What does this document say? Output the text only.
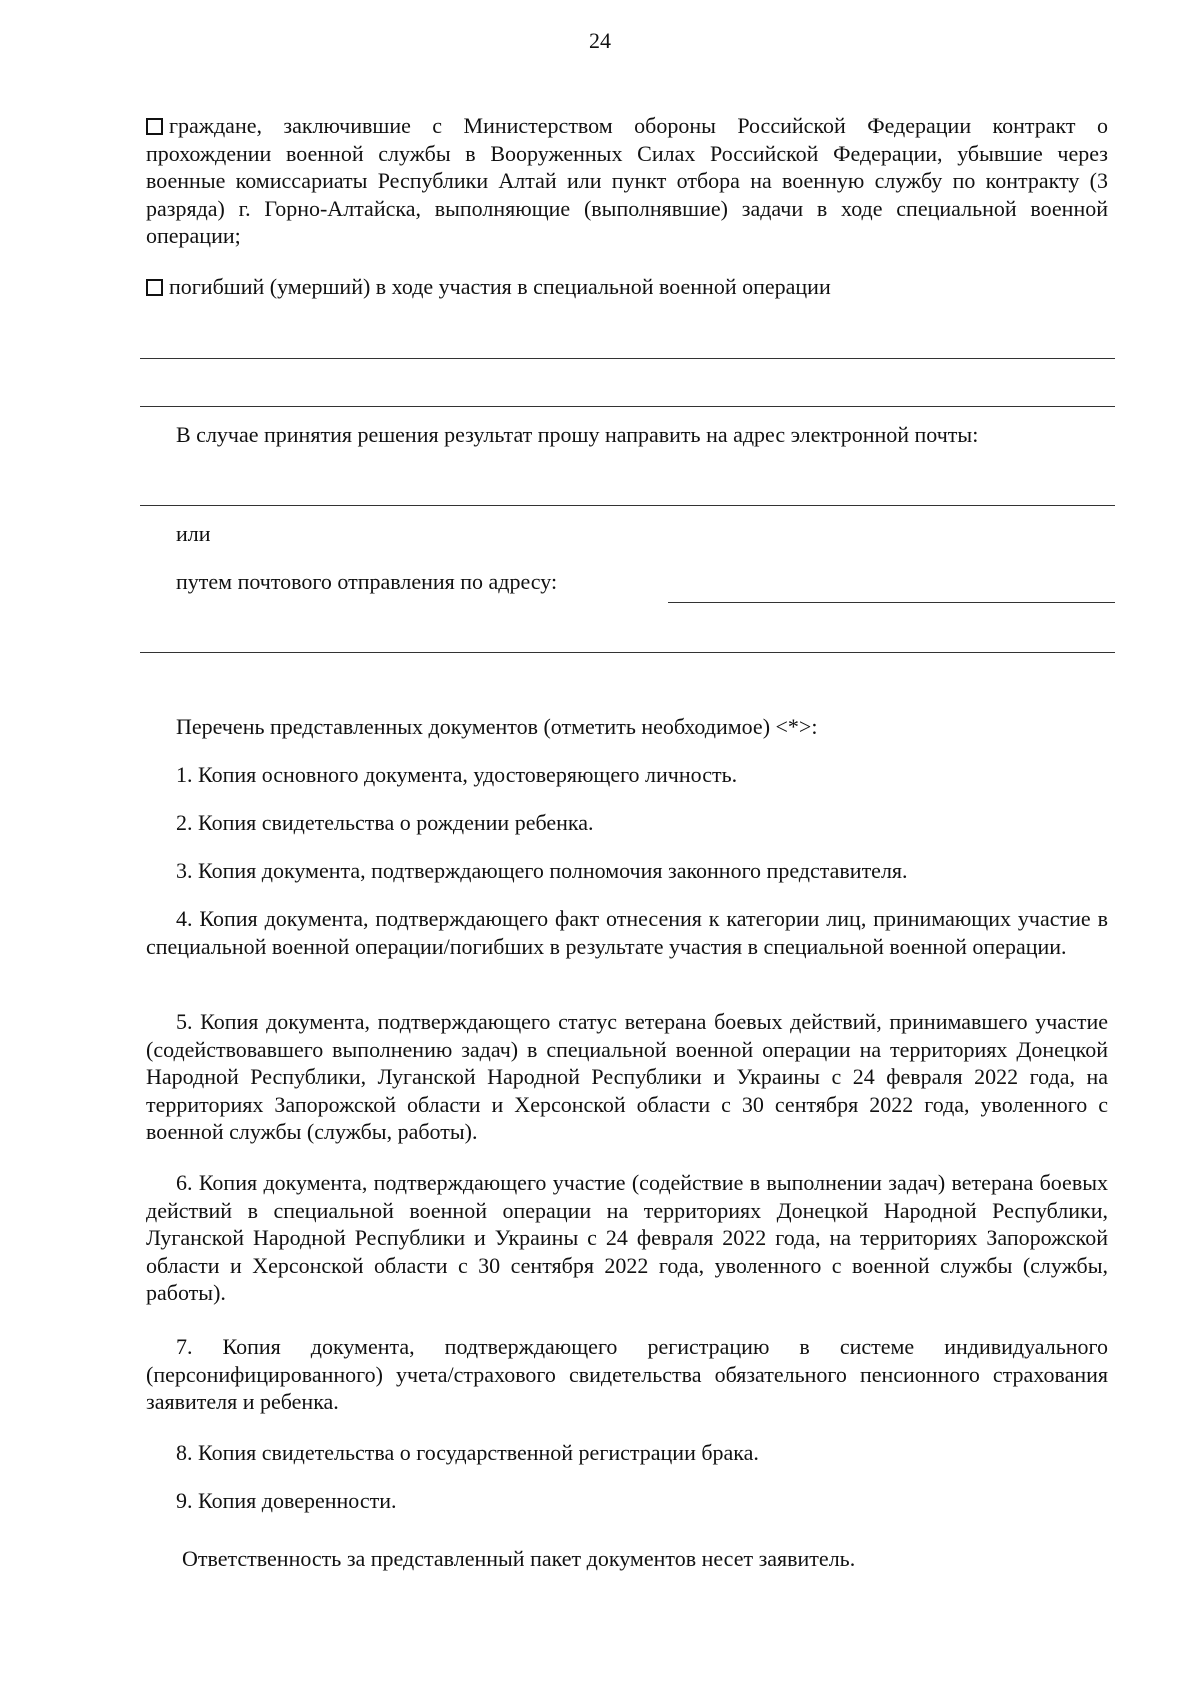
24
граждане, заключившие с Министерством обороны Российской Федерации контракт о прохождении военной службы в Вооруженных Силах Российской Федерации, убывшие через военные комиссариаты Республики Алтай или пункт отбора на военную службу по контракту (3 разряда) г. Горно-Алтайска, выполняющие (выполнявшие) задачи в ходе специальной военной операции;
погибший (умерший) в ходе участия в специальной военной операции
В случае принятия решения результат прошу направить на адрес электронной почты:
или
путем почтового отправления по адресу:
Перечень представленных документов (отметить необходимое) <*>:
1. Копия основного документа, удостоверяющего личность.
2. Копия свидетельства о рождении ребенка.
3. Копия документа, подтверждающего полномочия законного представителя.
4. Копия документа, подтверждающего факт отнесения к категории лиц, принимающих участие в специальной военной операции/погибших в результате участия в специальной военной операции.
5. Копия документа, подтверждающего статус ветерана боевых действий, принимавшего участие (содействовавшего выполнению задач) в специальной военной операции на территориях Донецкой Народной Республики, Луганской Народной Республики и Украины с 24 февраля 2022 года, на территориях Запорожской области и Херсонской области с 30 сентября 2022 года, уволенного с военной службы (службы, работы).
6. Копия документа, подтверждающего участие (содействие в выполнении задач) ветерана боевых действий в специальной военной операции на территориях Донецкой Народной Республики, Луганской Народной Республики и Украины с 24 февраля 2022 года, на территориях Запорожской области и Херсонской области с 30 сентября 2022 года, уволенного с военной службы (службы, работы).
7. Копия документа, подтверждающего регистрацию в системе индивидуального (персонифицированного) учета/страхового свидетельства обязательного пенсионного страхования заявителя и ребенка.
8. Копия свидетельства о государственной регистрации брака.
9. Копия доверенности.
Ответственность за представленный пакет документов несет заявитель.
